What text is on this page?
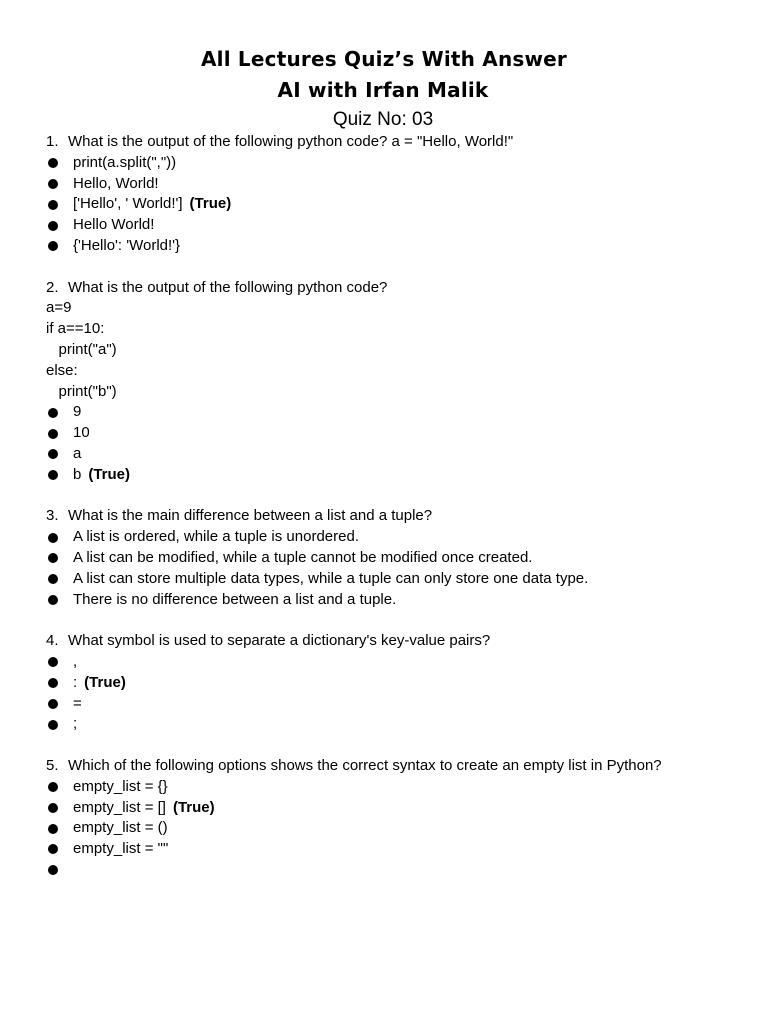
All Lectures Quiz’s With Answer
AI with Irfan Malik
Quiz No: 03
1. What is the output of the following python code? a = "Hello, World!"
print(a.split(","))
Hello, World!
['Hello', ' World!'] (True)
Hello World!
{'Hello': 'World!'}
2. What is the output of the following python code?
a=9
if a==10:
print("a")
else:
print("b")
9
10
a
b (True)
3. What is the main difference between a list and a tuple?
A list is ordered, while a tuple is unordered.
A list can be modified, while a tuple cannot be modified once created.
A list can store multiple data types, while a tuple can only store one data type.
There is no difference between a list and a tuple.
4. What symbol is used to separate a dictionary's key-value pairs?
,
: (True)
=
;
5. Which of the following options shows the correct syntax to create an empty list in Python?
empty_list = {}
empty_list = [] (True)
empty_list = ()
empty_list = ""
